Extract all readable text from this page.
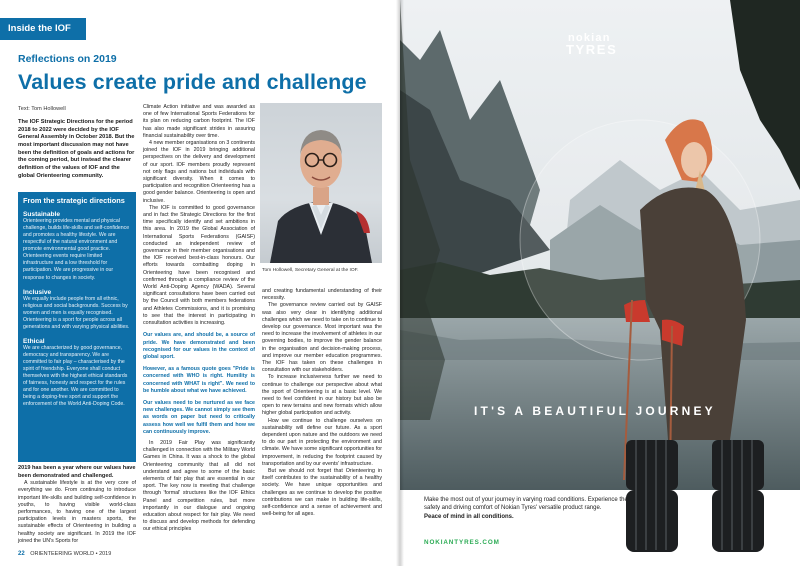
Inside the IOF
Reflections on 2019
Values create pride and challenge
Text: Tom Hollowell
The IOF Strategic Directions for the period 2018 to 2022 were decided by the IOF General Assembly in October 2018. But the most important discussion may not have been the definition of goals and actions for the coming period, but instead the clearer definition of the values of IOF and the global Orienteering community.
From the strategic directions
Sustainable

Orienteering provides mental and physical challenge, builds life-skills and self-confidence and promotes a healthy lifestyle. We are respectful of the natural environment and promote environmental good practice. Orienteering events require limited infrastructure and a low threshold for participation. We are progressive in our response to changes in society.

Inclusive

We equally include people from all ethnic, religious and social backgrounds. Success by women and men is equally recognised. Orienteering is a sport for people across all generations and with varying physical abilities.

Ethical

We are characterized by good governance, democracy and transparency. We are committed to fair play – characterised by the spirit of friendship. Everyone shall conduct themselves with the highest ethical standards of fairness, honesty and respect for the rules and for one another. We are committed to being a doping-free sport and support the enforcement of the World Anti-Doping Code.

2019 has been a year where our values have been demonstrated and challenged.

A sustainable lifestyle is at the very core of everything we do. From continuing to introduce important life-skills and building self-confidence in youths, to having visible world-class performances, to having one of the largest participation levels in masters sports, the sustainable effects of Orienteering in building a healthy society are significant. In 2019 the IOF joined the UN's Sports for

Climate Action initiative and was awarded as one of few International Sports Federations for its plan on reducing carbon footprint. The IOF has also made significant strides in assuring financial sustainability over time.

4 new member organisations on 3 continents joined the IOF in 2019 bringing additional perspectives on the delivery and development of our sport. IOF members proudly represent not only flags and nations but individuals with significant diversity. When it comes to participation and recognition Orienteering has a good gender balance. Orienteering is open and inclusive.

The IOF is committed to good governance and in fact the Strategic Directions for the first time specifically identify and set ambitions in this area. In 2019 the Global Association of International Sports Federations (GAISF) conducted an independent review of governance in their member organisations and the IOF received best-in-class honours. Our efforts towards combatting doping in Orienteering have been recognised and confirmed through a compliance review of the World Anti-Doping Agency (WADA). Several significant consultations have been carried out by the Council with both members federations and Athletes Commissions, and it is promising to see that the interest in participating in consultation activities is increasing.

Our values are, and should be, a source of pride. We have demonstrated and been recognised for our values in the context of global sport.

However, as a famous quote goes "Pride is concerned with WHO is right. Humility is concerned with WHAT is right". We need to be humble about what we have achieved.

Our values need to be nurtured as we face new challenges. We cannot simply see them as words on paper but need to critically assess how well we fulfil them and how we can continuously improve.

In 2019 Fair Play was significantly challenged in connection with the Military World Games in China. It was a shock to the global Orienteering community that all did not understand and agree to some of the basic elements of fair play that are essential in our sport. The key now is meeting that challenge through 'formal' structures like the IOF Ethics Panel and competition rules, but more importantly in our dialogue and ongoing education about respect for fair play. We need to discuss and develop methods for defending our ethical principles

Tom Hollowell, Secretary General at the IOF.

and creating fundamental understanding of their necessity.

The governance review carried out by GAISF was also very clear in identifying additional challenges which we need to take on to continue to develop our governance. Most important was the need to increase the involvement of athletes in our governing bodies, to improve the gender balance in the organisation and decision-making process, and improve our member education programmes. The IOF has taken on these challenges in consultation with our stakeholders.

To increase inclusiveness further we need to continue to challenge our perspective about what the sport of Orienteering is at a basic level. We need to feel confident in our history but also be open to new terrains and new formats which allow higher global participation and activity.

How we continue to challenge ourselves on sustainability will define our future. As a sport dependent upon nature and the outdoors we need to do our part in protecting the environment and climate. We have some significant opportunities for improvement, in reducing the footprint caused by transportation and by our events' infrastructure.

But we should not forget that Orienteering in itself contributes to the sustainability of a healthy society. We have unique opportunities and challenges as we continue to develop the positive contributions we can make in building life-skills, self-confidence and a sense of achievement and well-being for all ages.

22 ORIENTEERING WORLD • 2019
nokian
TYRES
IT'S A BEAUTIFUL JOURNEY
Make the most out of your journey in varying road conditions. Experience the safety and driving comfort of Nokian Tyres' versatile product range.
Peace of mind in all conditions.
NOKIANTYRES.COM
